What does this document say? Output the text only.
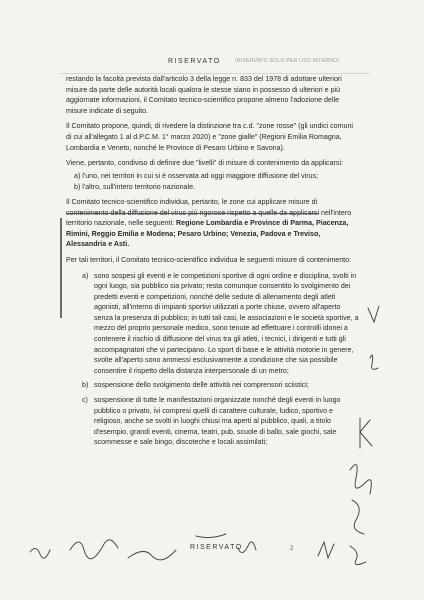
RISERVATO	(RISERVATO SOLO PER USO INTERNO)

restando la facoltà prevista dall'articolo 3 della legge n. 833 del 1978 di adottare ulteriori misure da parte delle autorità locali qualora le stesse siano in possesso di ulteriori e più aggiornate informazioni, il Comitato tecnico-scientifico propone almeno l'adozione delle misure indicate di seguito.

Il Comitato propone, quindi, di rivedere la distinzione tra c.d. "zone rosse" (gli undici comuni di cui all'allegato 1 al d.P.C.M. 1° marzo 2020) e "zone gialle" (Regioni Emilia Romagna, Lombardia e Veneto, nonché le Province di Pesaro Urbino e Savona).

Viene, pertanto, condiviso di definire due "livelli" di misure di contenimento da applicarsi:

a) l'uno, nei territori in cui si è osservata ad oggi maggiore diffusione del virus;
b) l'altro, sull'intero territorio nazionale.

Il Comitato tecnico-scientifico individua, pertanto, le zone cui applicare misure di contenimento della diffusione del virus più rigorose rispetto a quelle da applicarsi nell'intero territorio nazionale, nelle seguenti: Regione Lombardia e Province di Parma, Piacenza, Rimini, Reggio Emilia e Modena; Pesaro Urbino; Venezia, Padova e Treviso, Alessandria e Asti.

Per tali territori, il Comitato tecnico-scientifico individua le seguenti misure di contenimento:

a) sono sospesi gli eventi e le competizioni sportive di ogni ordine e disciplina, svolti in ogni luogo, sia pubblico sia privato; resta comunque consentito lo svolgimento dei predetti eventi e competizioni, nonché delle sedute di allenamento degli atleti agonisti, all'interno di impianti sportivi utilizzati a porte chiuse, ovvero all'aperto senza la presenza di pubblico; in tutti tali casi, le associazioni e le società sportive, a mezzo del proprio personale medico, sono tenute ad effettuare i controlli idonei a contenere il rischio di diffusione del virus tra gli atleti, i tecnici, i dirigenti e tutti gli accompagnatori che vi partecipano. Lo sport di base e le attività motorie in genere, svolte all'aperto sono ammessi esclusivamente a condizione che sia possibile consentire il rispetto della distanza interpersonale di un metro;
b) sospensione dello svolgimento delle attività nei comprensori sciistici;
c) sospensione di tutte le manifestazioni organizzate nonché degli eventi in luogo pubblico o privato, ivi compresi quelli di carattere culturale, ludico, sportivo e religioso, anche se svolti in luoghi chiusi ma aperti al pubblico, quali, a titolo d'esempio, grandi eventi, cinema, teatri, pub, scuole di ballo, sale giochi, sale scommesse e sale bingo, discoteche e locali assimilati;
RISERVATO	2
